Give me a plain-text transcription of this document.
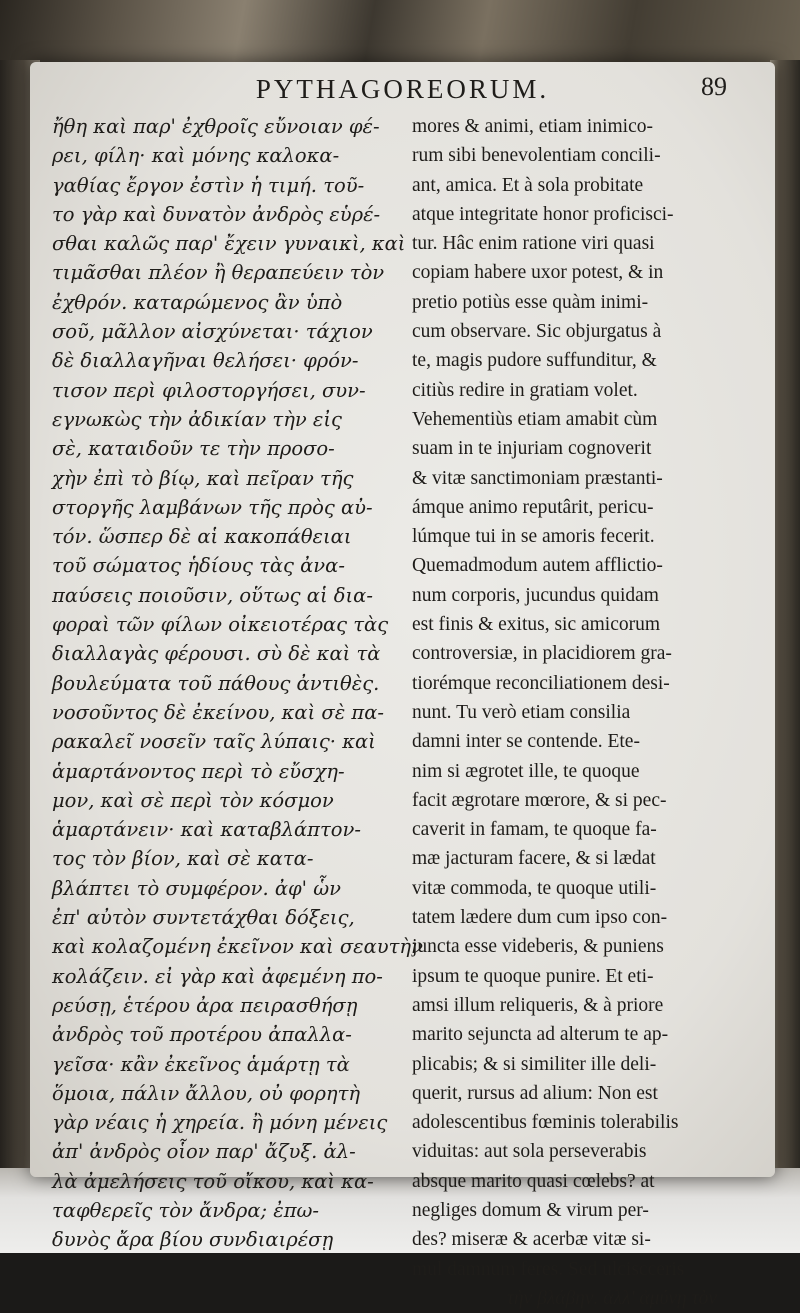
PYTHAGOREORUM.	89
ἤθη καὶ παρ' ἐχθροῖς εὔνοιαν φέ-
ρει, φίλη· καὶ μόνης καλοκα-
γαθίας ἔργον ἐστὶν ἡ τιμή. τοῦ-
το γὰρ καὶ δυνατὸν ἀνδρὸς εὑρέ-
σθαι καλῶς παρ' ἔχειν γυναικὶ, καὶ
τιμᾶσθαι πλέον ἢ θεραπεύειν τὸν
ἐχθρόν. καταρώμενος ἂν ὑπὸ
σοῦ, μᾶλλον αἰσχύνεται· τάχιον
δὲ διαλλαγῆναι θελήσει· φρόν-
τισον περὶ φιλοστοργήσει, συν-
εγνωκὼς τὴν ἀδικίαν τὴν εἰς
σὲ, καταιδοῦν τε τὴν προσο-
χὴν ἐπὶ τὸ βίῳ, καὶ πεῖραν τῆς
στοργῆς λαμβάνων τῆς πρὸς αὐ-
τόν. ὥσπερ δὲ αἱ κακοπάθειαι
τοῦ σώματος ἡδίους τὰς ἀνα-
παύσεις ποιοῦσιν, οὕτως αἱ δια-
φοραὶ τῶν φίλων οἰκειοτέρας τὰς
διαλλαγὰς φέρουσι. σὺ δὲ καὶ τὰ
βουλεύματα τοῦ πάθους ἀντιθὲς.
νοσοῦντος δὲ ἐκείνου, καὶ σὲ πα-
ρακαλεῖ νοσεῖν ταῖς λύπαις· καὶ
ἁμαρτάνοντος περὶ τὸ εὔσχη-
μον, καὶ σὲ περὶ τὸν κόσμον
ἁμαρτάνειν· καὶ καταβλάπτον-
τος τὸν βίον, καὶ σὲ κατα-
βλάπτει τὸ συμφέρον. ἀφ' ὧν
ἐπ' αὐτὸν συντετάχθαι δόξεις,
καὶ κολαζομένη ἐκεῖνον καὶ σεαυτὴν
κολάζειν. εἰ γὰρ καὶ ἀφεμένη πο-
ρεύσῃ, ἑτέρου ἀρα πειρασθήσῃ
ἀνδρὸς τοῦ προτέρου ἀπαλλα-
γεῖσα· κἂν ἐκεῖνος ἁμάρτῃ τὰ
ὅμοια, πάλιν ἄλλου, οὐ φορητὴ
γὰρ νέαις ἡ χηρεία. ἢ μόνη μένεις
ἀπ' ἀνδρὸς οἷον παρ' ἄζυξ. ἀλ-
λὰ ἀμελήσεις τοῦ οἴκου, καὶ κα-
ταφθερεῖς τὸν ἄνδρα; ἐπω-
δυνὸς ἄρα βίου συνδιαιρέσῃ
mores & animi, etiam inimico-
rum sibi benevolentiam concili-
ant, amica. Et à sola probitate
atque integritate honor proficisci-
tur. Hâc enim ratione viri quasi
copiam habere uxor potest, & in
pretio potiùs esse quàm inimi-
cum observare. Sic objurgatus à
te, magis pudore suffunditur, &
citiùs redire in gratiam volet.
Vehementiùs etiam amabit cùm
suam in te injuriam cognoverit
& vitæ sanctimoniam præstanti-
ámque animo reputârit, pericu-
lúmque tui in se amoris fecerit.
Quemadmodum autem afflictio-
num corporis, jucundus quidam
est finis & exitus, sic amicorum
controversiæ, in placidiorem gra-
tiorémque reconciliationem desi-
nunt. Tu verò etiam consilia
damni inter se contende. Ete-
nim si ægrotet ille, te quoque
facit ægrotare mœrore, & si pec-
caverit in famam, te quoque fa-
mæ jacturam facere, & si lædat
vitæ commoda, te quoque utili-
tatem lædere dum cum ipso con-
juncta esse videberis, & puniens
ipsum te quoque punire. Et eti-
amsi illum reliqueris, & à priore
marito sejuncta ad alterum te ap-
plicabis; & si similiter ille deli-
querit, rursus ad alium: Non est
adolescentibus fœminis tolerabilis
viduitas: aut sola perseverabis
absque marito quasi cœlebs? at
negliges domum & virum per-
des? miseræ & acerbæ vitæ si-
mul damnum feres. Sed ulciscceris
τὴν βλάβην. ἀλλ' ἀμύνῃ τὸν
